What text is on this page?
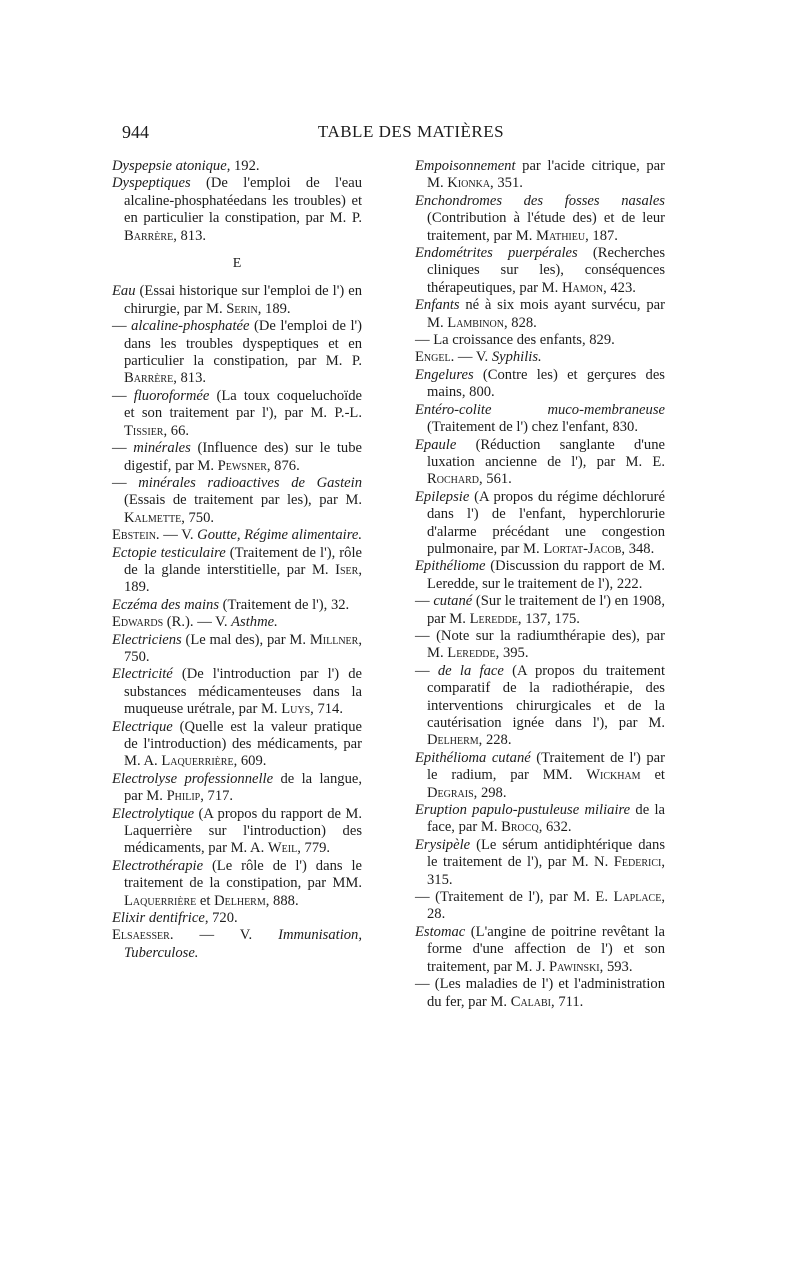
944	TABLE DES MATIÈRES
Dyspepsie atonique, 192.
Dyspeptiques (De l'emploi de l'eau alcaline-phosphatéedans les troubles) et en particulier la constipation, par M. P. Barrère, 813.
E
Eau (Essai historique sur l'emploi de l') en chirurgie, par M. Serin, 189.
— alcaline-phosphatée (De l'emploi de l') dans les troubles dyspeptiques et en particulier la constipation, par M. P. Barrère, 813.
— fluoroformée (La toux coqueluchoïde et son traitement par l'), par M. P.-L. Tissier, 66.
— minérales (Influence des) sur le tube digestif, par M. Pewsner, 876.
— minérales radioactives de Gastein (Essais de traitement par les), par M. Kalmette, 750.
Ebstein. — V. Goutte, Régime alimentaire.
Ectopie testiculaire (Traitement de l'), rôle de la glande interstitielle, par M. Iser, 189.
Eczéma des mains (Traitement de l'), 32.
Edwards (R.). — V. Asthme.
Electriciens (Le mal des), par M. Millner, 750.
Electricité (De l'introduction par l') de substances médicamenteuses dans la muqueuse urétrale, par M. Luys, 714.
Electrique (Quelle est la valeur pratique de l'introduction) des médicaments, par M. A. Laquerrière, 609.
Electrolyse professionnelle de la langue, par M. Philip, 717.
Electrolytique (A propos du rapport de M. Laquerrière sur l'introduction) des médicaments, par M. A. Weil, 779.
Electrothérapie (Le rôle de l') dans le traitement de la constipation, par MM. Laquerrière et Delherm, 888.
Elixir dentifrice, 720.
Elsaesser. — V. Immunisation, Tuberculose.
Empoisonnement par l'acide citrique, par M. Kionka, 351.
Enchondromes des fosses nasales (Contribution à l'étude des) et de leur traitement, par M. Mathieu, 187.
Endométrites puerpérales (Recherches cliniques sur les), conséquences thérapeutiques, par M. Hamon, 423.
Enfants né à six mois ayant survécu, par M. Lambinon, 828.
— La croissance des enfants, 829.
Engel. — V. Syphilis.
Engelures (Contre les) et gerçures des mains, 800.
Entéro-colite muco-membraneuse (Traitement de l') chez l'enfant, 830.
Epaule (Réduction sanglante d'une luxation ancienne de l'), par M. E. Rochard, 561.
Epilepsie (A propos du régime déchloruré dans l') de l'enfant, hyperchlorurie d'alarme précédant une congestion pulmonaire, par M. Lortat-Jacob, 348.
Epithéliome (Discussion du rapport de M. Leredde, sur le traitement de l'), 222.
— cutané (Sur le traitement de l') en 1908, par M. Leredde, 137, 175.
— (Note sur la radiumthérapie des), par M. Leredde, 395.
— de la face (A propos du traitement comparatif de la radiothérapie, des interventions chirurgicales et de la cautérisation ignée dans l'), par M. Delherm, 228.
Epithélioma cutané (Traitement de l') par le radium, par MM. Wickham et Degrais, 298.
Eruption papulo-pustuleuse miliaire de la face, par M. Brocq, 632.
Erysipèle (Le sérum antidiphtérique dans le traitement de l'), par M. N. Federici, 315.
— (Traitement de l'), par M. E. Laplace, 28.
Estomac (L'angine de poitrine revêtant la forme d'une affection de l') et son traitement, par M. J. Pawinski, 593.
— (Les maladies de l') et l'administration du fer, par M. Calabi, 711.
